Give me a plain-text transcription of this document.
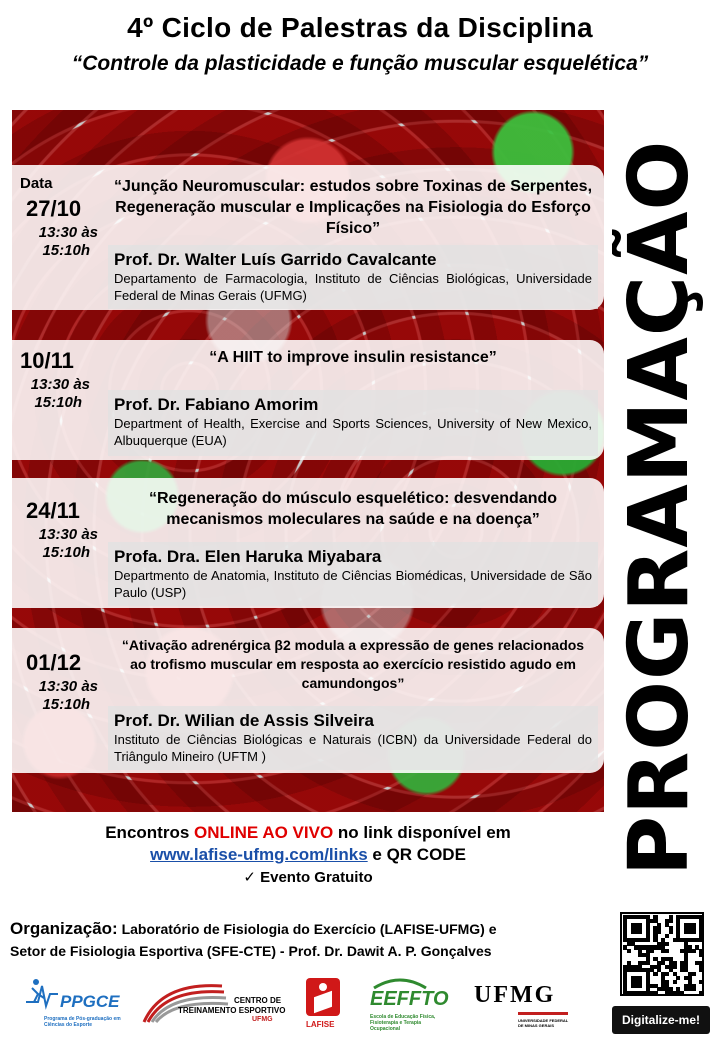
4º Ciclo de Palestras da Disciplina
“Controle da plasticidade e função muscular esquelética”
PROGRAMAÇÃO
Data
27/10
13:30 às
15:10h
“Junção Neuromuscular: estudos sobre Toxinas de Serpentes, Regeneração muscular e Implicações na Fisiologia do Esforço Físico”
Prof. Dr. Walter Luís Garrido Cavalcante
Departamento de Farmacologia, Instituto de Ciências Biológicas, Universidade Federal de Minas Gerais (UFMG)
10/11
13:30 às
15:10h
“A HIIT to improve insulin resistance”
Prof. Dr. Fabiano Amorim
Department of Health, Exercise and Sports Sciences, University of New Mexico, Albuquerque (EUA)
24/11
13:30 às
15:10h
“Regeneração do músculo esquelético: desvendando mecanismos moleculares na saúde e na doença”
Profa. Dra. Elen Haruka Miyabara
Departmento de Anatomia, Instituto de Ciências Biomédicas, Universidade de São Paulo (USP)
01/12
13:30 às
15:10h
“Ativação adrenérgica β2 modula a expressão de genes relacionados ao trofismo muscular em resposta ao exercício resistido agudo em camundongos”
Prof. Dr. Wilian de Assis Silveira
Instituto de Ciências Biológicas e Naturais (ICBN) da Universidade Federal do Triângulo Mineiro (UFTM )
Encontros ONLINE AO VIVO no link disponível em
www.lafise-ufmg.com/links e QR CODE
✓ Evento Gratuito
Organização: Laboratório de Fisiologia do Exercício (LAFISE-UFMG) e
Setor de Fisiologia Esportiva (SFE-CTE) - Prof. Dr. Dawit A. P. Gonçalves
Digitalize-me!
PPGCE
Programa de Pós-graduação em Ciências do Esporte
CENTRO DE
TREINAMENTO ESPORTIVO
UFMG
LAFISE
EEFFTO
Escola de Educação Física, Fisioterapia e Terapia Ocupacional
UFMG
UNIVERSIDADE FEDERAL DE MINAS GERAIS
